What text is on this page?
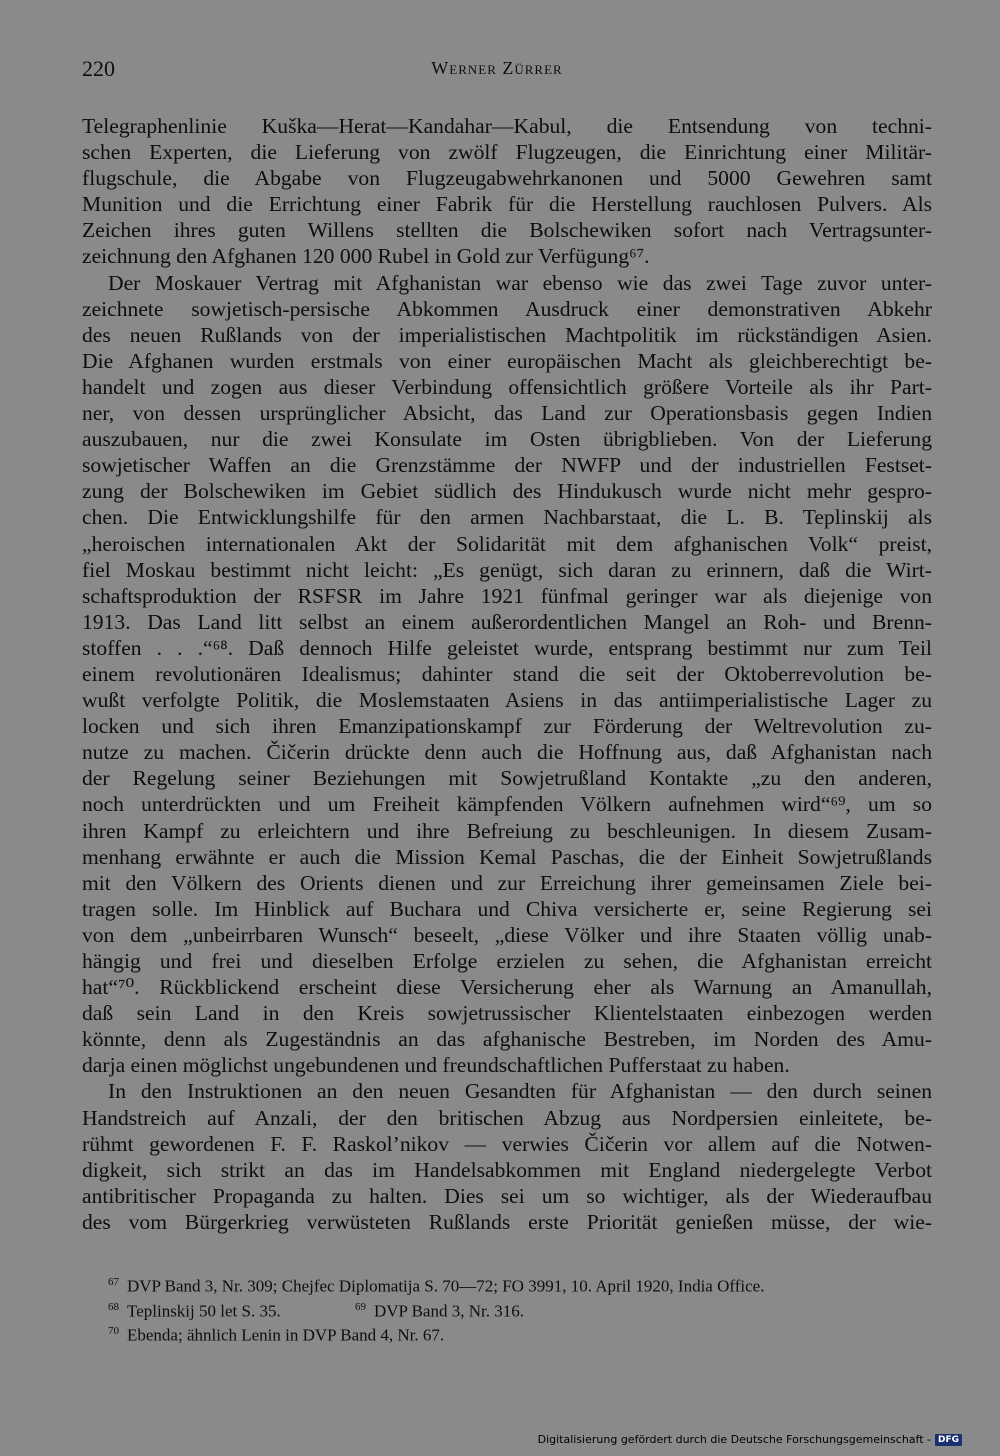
220	Werner Zürrer
Telegraphenlinie Kuška—Herat—Kandahar—Kabul, die Entsendung von techni-
schen Experten, die Lieferung von zwölf Flugzeugen, die Einrichtung einer Militär-
flugschule, die Abgabe von Flugzeugabwehrkanonen und 5000 Gewehren samt
Munition und die Errichtung einer Fabrik für die Herstellung rauchlosen Pulvers. Als
Zeichen ihres guten Willens stellten die Bolschewiken sofort nach Vertragsunter-
zeichnung den Afghanen 120 000 Rubel in Gold zur Verfügung⁶⁷.
Der Moskauer Vertrag mit Afghanistan war ebenso wie das zwei Tage zuvor unter-
zeichnete sowjetisch-persische Abkommen Ausdruck einer demonstrativen Abkehr
des neuen Rußlands von der imperialistischen Machtpolitik im rückständigen Asien.
Die Afghanen wurden erstmals von einer europäischen Macht als gleichberechtigt be-
handelt und zogen aus dieser Verbindung offensichtlich größere Vorteile als ihr Part-
ner, von dessen ursprünglicher Absicht, das Land zur Operationsbasis gegen Indien
auszubauen, nur die zwei Konsulate im Osten übrigblieben. Von der Lieferung
sowjetischer Waffen an die Grenzstämme der NWFP und der industriellen Festset-
zung der Bolschewiken im Gebiet südlich des Hindukusch wurde nicht mehr gespro-
chen. Die Entwicklungshilfe für den armen Nachbarstaat, die L. B. Teplinskij als
„heroischen internationalen Akt der Solidarität mit dem afghanischen Volk“ preist,
fiel Moskau bestimmt nicht leicht: „Es genügt, sich daran zu erinnern, daß die Wirt-
schaftsproduktion der RSFSR im Jahre 1921 fünfmal geringer war als diejenige von
1913. Das Land litt selbst an einem außerordentlichen Mangel an Roh- und Brenn-
stoffen . . .“⁶⁸. Daß dennoch Hilfe geleistet wurde, entsprang bestimmt nur zum Teil
einem revolutionären Idealismus; dahinter stand die seit der Oktoberrevolution be-
wußt verfolgte Politik, die Moslemstaaten Asiens in das antiimperialistische Lager zu
locken und sich ihren Emanzipationskampf zur Förderung der Weltrevolution zu-
nutze zu machen. Čičerin drückte denn auch die Hoffnung aus, daß Afghanistan nach
der Regelung seiner Beziehungen mit Sowjetrußland Kontakte „zu den anderen,
noch unterdrückten und um Freiheit kämpfenden Völkern aufnehmen wird“⁶⁹, um so
ihren Kampf zu erleichtern und ihre Befreiung zu beschleunigen. In diesem Zusam-
menhang erwähnte er auch die Mission Kemal Paschas, die der Einheit Sowjetrußlands
mit den Völkern des Orients dienen und zur Erreichung ihrer gemeinsamen Ziele bei-
tragen solle. Im Hinblick auf Buchara und Chiva versicherte er, seine Regierung sei
von dem „unbeirrbaren Wunsch“ beseelt, „diese Völker und ihre Staaten völlig unab-
hängig und frei und dieselben Erfolge erzielen zu sehen, die Afghanistan erreicht
hat“⁷⁰. Rückblickend erscheint diese Versicherung eher als Warnung an Amanullah,
daß sein Land in den Kreis sowjetrussischer Klientelstaaten einbezogen werden
könnte, denn als Zugeständnis an das afghanische Bestreben, im Norden des Amu-
darja einen möglichst ungebundenen und freundschaftlichen Pufferstaat zu haben.
In den Instruktionen an den neuen Gesandten für Afghanistan — den durch seinen
Handstreich auf Anzali, der den britischen Abzug aus Nordpersien einleitete, be-
rühmt gewordenen F. F. Raskol’nikov — verwies Čičerin vor allem auf die Notwen-
digkeit, sich strikt an das im Handelsabkommen mit England niedergelegte Verbot
antibritischer Propaganda zu halten. Dies sei um so wichtiger, als der Wiederaufbau
des vom Bürgerkrieg verwüsteten Rußlands erste Priorität genießen müsse, der wie-
$^{67}$ DVP Band 3, Nr. 309; Chejfec Diplomatija S. 70—72; FO 3991, 10. April 1920, India Office.
$^{68}$ Teplinskij 50 let S. 35.	$^{69}$ DVP Band 3, Nr. 316.
$^{70}$ Ebenda; ähnlich Lenin in DVP Band 4, Nr. 67.
Digitalisierung gefördert durch die Deutsche Forschungsgemeinschaft - DFG
